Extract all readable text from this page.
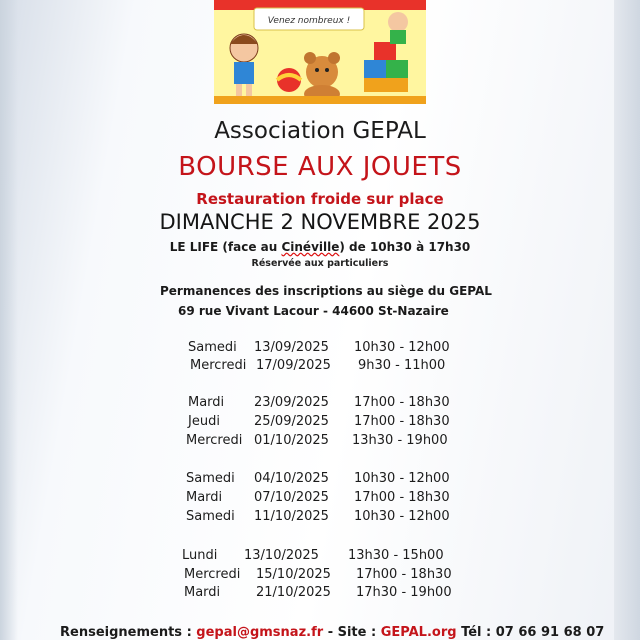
Venez nombreux !
Association GEPAL
BOURSE AUX JOUETS
Restauration froide sur place
DIMANCHE 2 NOVEMBRE 2025
LE LIFE (face au Cinéville) de 10h30 à 17h30
Réservée aux particuliers
Permanences des inscriptions au siège du GEPAL
69 rue Vivant Lacour - 44600 St-Nazaire
Samedi 13/09/2025 10h30 - 12h00
Mercredi 17/09/2025 9h30 - 11h00
Mardi 23/09/2025 17h00 - 18h30
Jeudi	25/09/2025 17h00 - 18h30
Mercredi 01/10/2025 13h30 - 19h00
Samedi 04/10/2025 10h30 - 12h00
Mardi 07/10/2025 17h00 - 18h30
Samedi 11/10/2025 10h30 - 12h00
Lundi 13/10/2025 13h30 - 15h00
Mercredi 15/10/2025 17h00 - 18h30
Mardi	21/10/2025 17h30 - 19h00
Renseignements : gepal@gmsnaz.fr - Site : GEPAL.org Tél : 07 66 91 68 07
